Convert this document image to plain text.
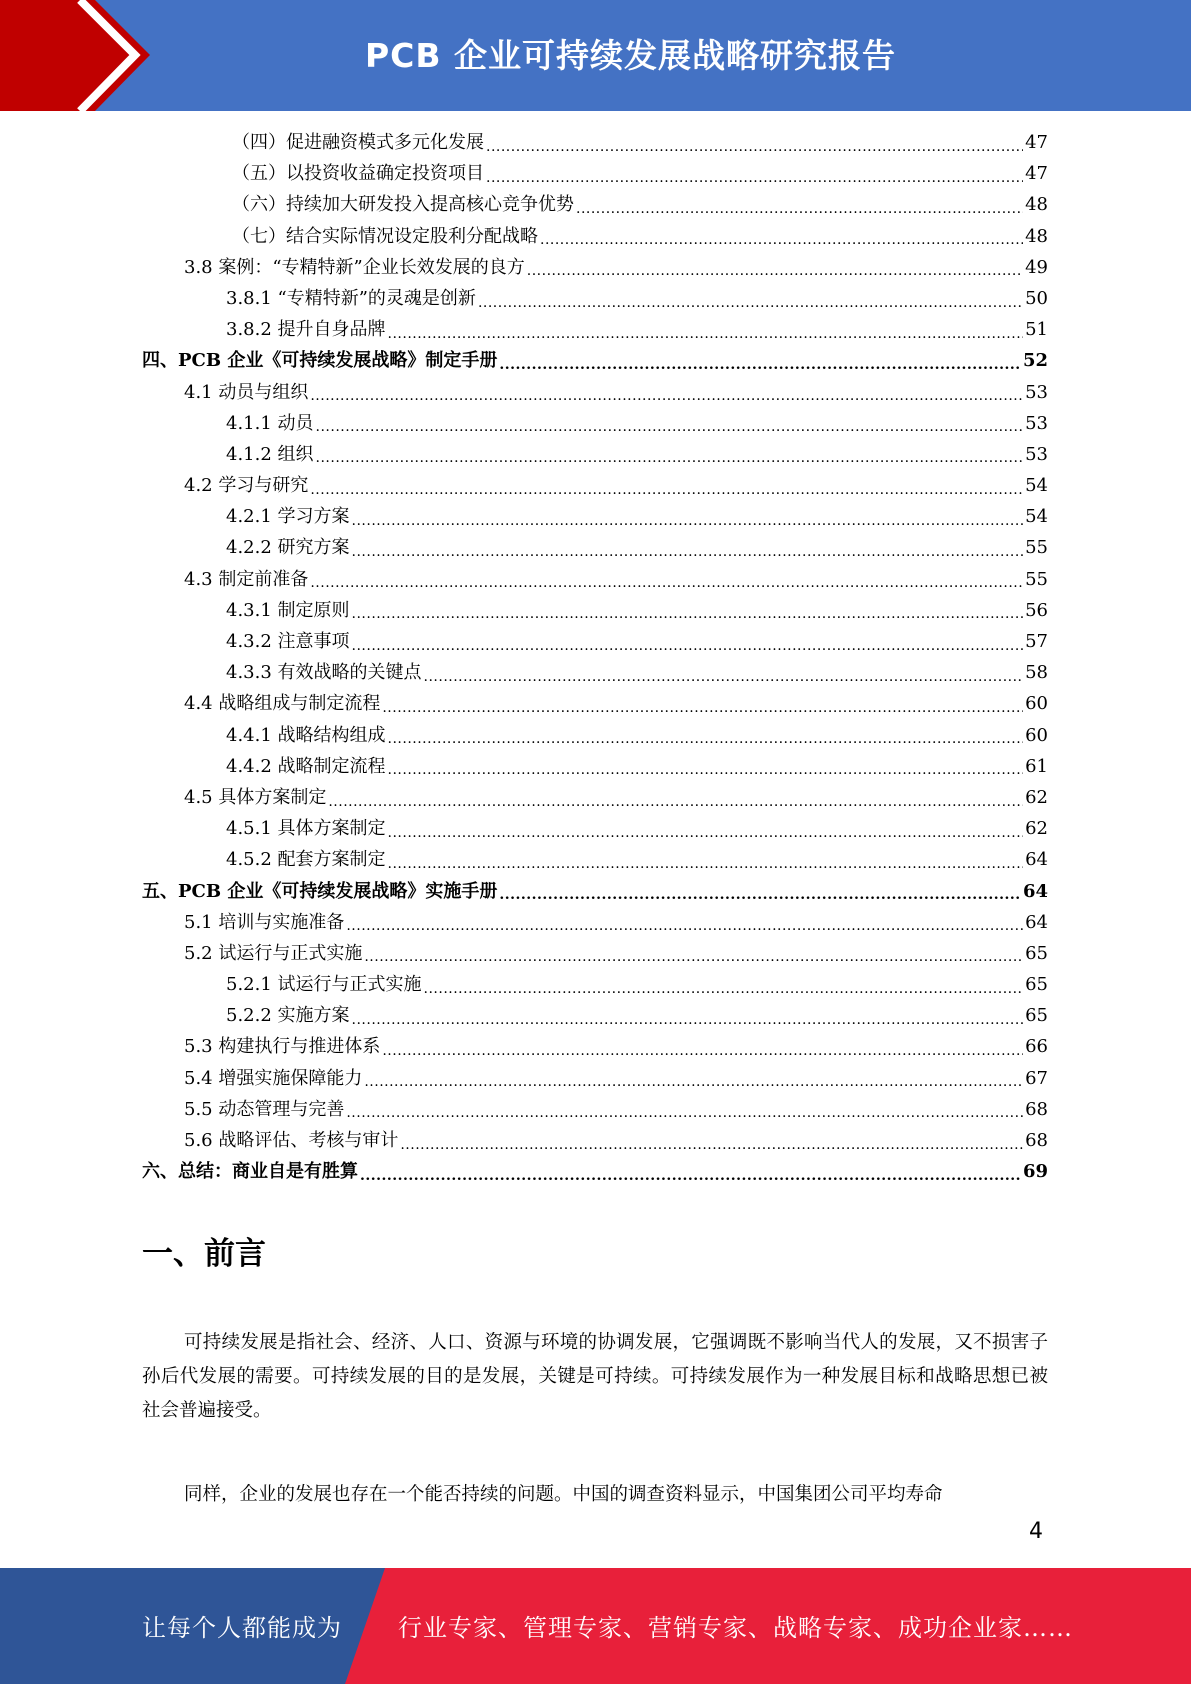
PCB 企业可持续发展战略研究报告
（四）促进融资模式多元化发展 .....	47
（五）以投资收益确定投资项目 .....	47
（六）持续加大研发投入提高核心竞争优势 .....	48
（七）结合实际情况设定股利分配战略 .....	48
3.8 案例：“专精特新”企业长效发展的良方 .....	49
3.8.1 “专精特新”的灵魂是创新 .....	50
3.8.2 提升自身品牌 .....	51
四、PCB 企业《可持续发展战略》制定手册 .....	52
4.1 动员与组织 .....	53
4.1.1 动员 .....	53
4.1.2 组织 .....	53
4.2 学习与研究 .....	54
4.2.1 学习方案 .....	54
4.2.2 研究方案 .....	55
4.3 制定前准备 .....	55
4.3.1 制定原则 .....	56
4.3.2 注意事项 .....	57
4.3.3 有效战略的关键点 .....	58
4.4 战略组成与制定流程 .....	60
4.4.1 战略结构组成 .....	60
4.4.2 战略制定流程 .....	61
4.5 具体方案制定 .....	62
4.5.1 具体方案制定 .....	62
4.5.2 配套方案制定 .....	64
五、PCB 企业《可持续发展战略》实施手册 .....	64
5.1 培训与实施准备 .....	64
5.2 试运行与正式实施 .....	65
5.2.1 试运行与正式实施 .....	65
5.2.2 实施方案 .....	65
5.3 构建执行与推进体系 .....	66
5.4 增强实施保障能力 .....	67
5.5 动态管理与完善 .....	68
5.6 战略评估、考核与审计 .....	68
六、总结：商业自是有胜算 .....	69
一、前言
可持续发展是指社会、经济、人口、资源与环境的协调发展，它强调既不影响当代人的发展，又不损害子孙后代发展的需要。可持续发展的目的是发展，关键是可持续。可持续发展作为一种发展目标和战略思想已被社会普遍接受。
同样，企业的发展也存在一个能否持续的问题。中国的调查资料显示，中国集团公司平均寿命
4
让每个人都能成为 行业专家、管理专家、营销专家、战略专家、成功企业家……
